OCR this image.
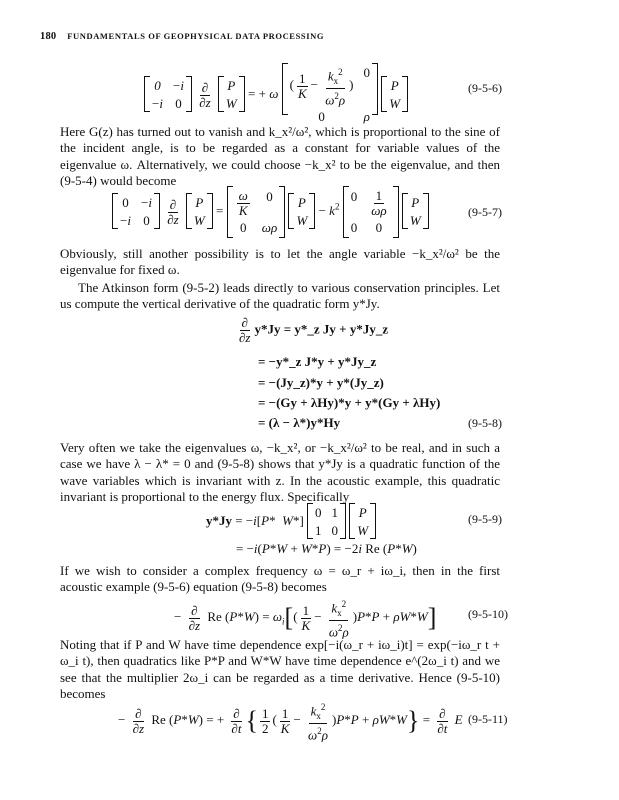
180 FUNDAMENTALS OF GEOPHYSICAL DATA PROCESSING
0 −i
−i 0
$\frac{\partial}{\partial z}$
P
W
= + ω
( $\frac{1}{K} - \frac{k_x^2}{\omega^2\rho}$ )
0
0	ρ

P
W
(9-5-6)
Here G(z) has turned out to vanish and k_x²/ω², which is proportional to the sine of the incident angle, is to be regarded as a constant for variable values of the eigenvalue ω. Alternatively, we could choose −k_x² to be the eigenvalue, and then (9-5-4) would become
0 −i
−i 0
$\frac{\partial}{\partial z}$
P
W
= $\frac{\omega}{K}$	0
0	ωρ

P
W
− $k^2$
$0 \frac{1}{\omega\rho}$
0	0

P
W
(9-5-7)
Obviously, still another possibility is to let the angle variable −k_x²/ω² be the eigenvalue for fixed ω.
The Atkinson form (9-5-2) leads directly to various conservation principles. Let us compute the vertical derivative of the quadratic form y*Jy.
$\frac{\partial}{\partial z} y*Jy$ = y*_z Jy + y*Jy_z
= −y*_z J*y + y*Jy_z
= −(Jy_z)*y + y*(Jy_z)
= −(Gy + λHy)*y + y*(Gy + λHy)
= (λ − λ*)y*Hy	(9-5-8)
Very often we take the eigenvalues ω, −k_x², or −k_x²/ω² to be real, and in such a case we have λ − λ* = 0 and (9-5-8) shows that y*Jy is a quadratic function of the wave variables which is invariant with z. In the acoustic example, this quadratic invariant is proportional to the energy flux. Specifically
y*Jy = −i[P*  W*]
0 1
1 0

P
W
(9-5-9)
= −i(P*W + W*P) = −2i Re (P*W)
If we wish to consider a complex frequency ω = ω_r + iω_i, then in the first acoustic example (9-5-6) equation (9-5-8) becomes
− $\frac{\partial}{\partial z}$ Re $(P*W) = \omega_i[( \frac{1}{K} - \frac{k_x^2}{\omega^2\rho} )P*P + \rho W*W]$	(9-5-10)
Noting that if P and W have time dependence exp[−i(ω_r + iω_i)t] = exp(−iω_r t + ω_i t), then quadratics like P*P and W*W have time dependence e^(2ω_i t) and we see that the multiplier 2ω_i can be regarded as a time derivative. Hence (9-5-10) becomes
− $\frac{\partial}{\partial z}$ Re (P*W) = + $\frac{\partial}{\partial t}$ { $\frac{1}{2}$ ( $\frac{1}{K} - \frac{k_x^2}{\omega^2\rho} )P*P + \rho W*W\} = \frac{\partial}{\partial t}$ E (9-5-11)
